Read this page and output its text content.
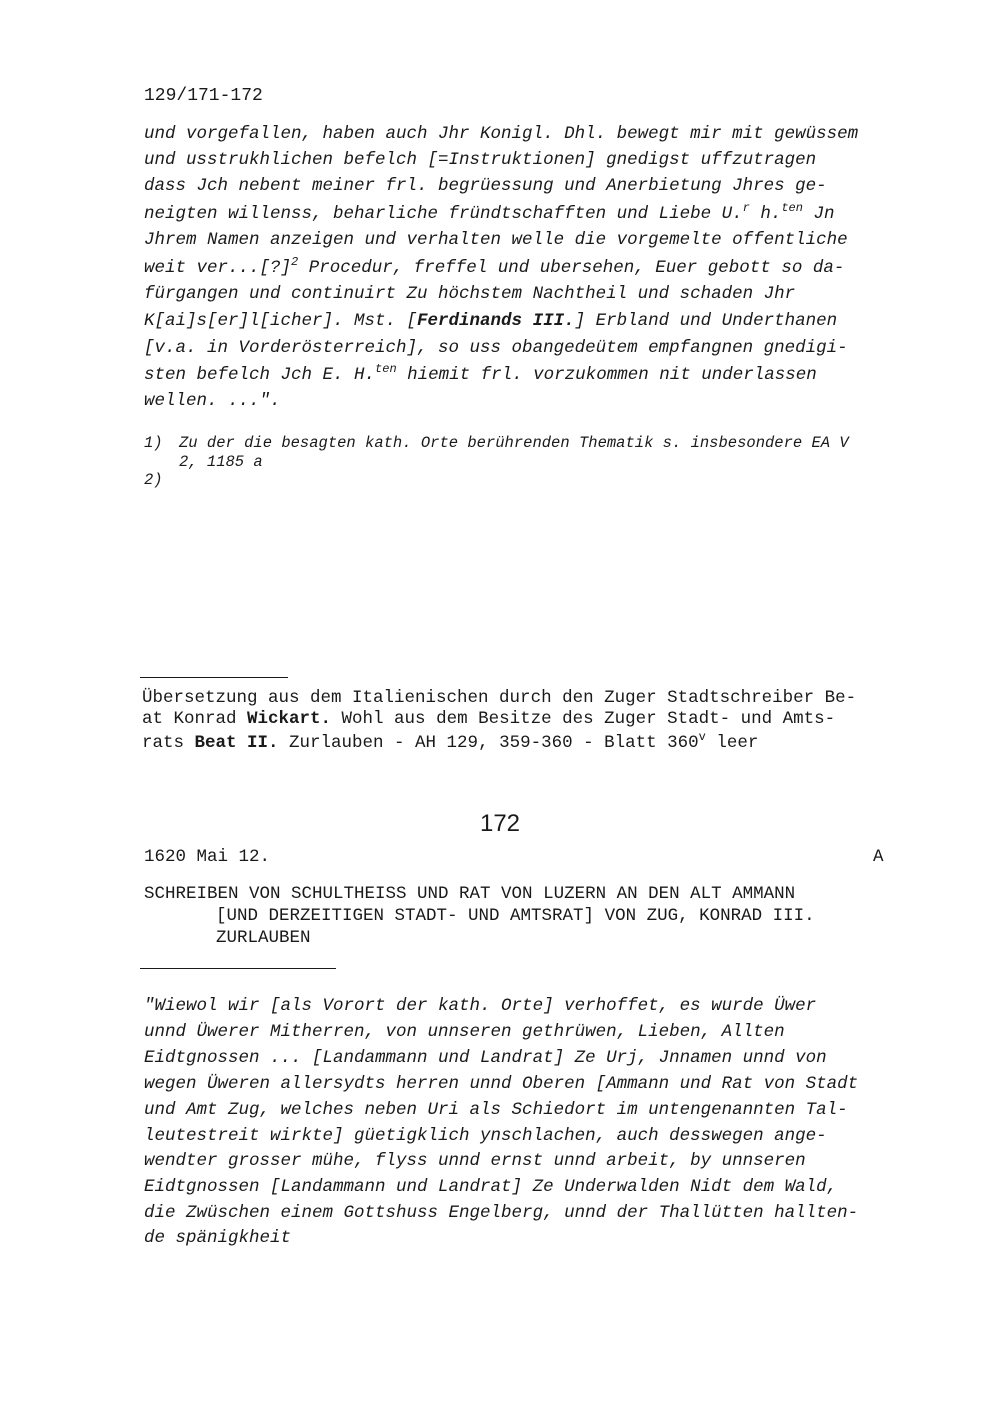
129/171-172
und vorgefallen, haben auch Jhr Konigl. Dhl. bewegt mir mit gewüssem
und usstrukhlichen befelch [=Instruktionen] gnedigst uffzutragen
dass Jch nebent meiner frl. begrüessung und Anerbietung Jhres ge-
neigten willenss, beharliche fründtschafften und Liebe U.$^r$ h.$^{ten}$ Jn
Jhrem Namen anzeigen und verhalten welle die vorgemelte offentliche
weit ver...[?]$^2$ Procedur, freffel und ubersehen, Euer gebott so da-
fürgangen und continuirt Zu höchstem Nachtheil und schaden Jhr
K[ai]s[er]l[icher]. Mst. [Ferdinands III.] Erbland und Underthanen
[v.a. in Vorderösterreich], so uss obangedeütem empfangnen gnedigi-
sten befelch Jch E. H.$^{ten}$ hiemit frl. vorzukommen nit underlassen
wellen. ...".
1) Zu der die besagten kath. Orte berührenden Thematik s. insbesondere EA V
2, 1185 a
2)
Übersetzung aus dem Italienischen durch den Zuger Stadtschreiber Be-
at Konrad Wickart. Wohl aus dem Besitze des Zuger Stadt- und Amts-
rats Beat II. Zurlauben - AH 129, 359-360 - Blatt 360$^v$ leer
172
1620 Mai 12.	A
SCHREIBEN VON SCHULTHEISS UND RAT VON LUZERN AN DEN ALT AMMANN
[UND DERZEITIGEN STADT- UND AMTSRAT] VON ZUG, KONRAD III.
ZURLAUBEN
"Wiewol wir [als Vorort der kath. Orte] verhoffet, es wurde Üwer
unnd Üwerer Mitherren, von unnseren gethrüwen, Lieben, Allten
Eidtgnossen ... [Landammann und Landrat] Ze Urj, Jnnamen unnd von
wegen Üweren allersydts herren unnd Oberen [Ammann und Rat von Stadt
und Amt Zug, welches neben Uri als Schiedort im untengenannten Tal-
leutestreit wirkte] güetigklich ynschlachen, auch desswegen ange-
wendter grosser mühe, flyss unnd ernst unnd arbeit, by unnseren
Eidtgnossen [Landammann und Landrat] Ze Underwalden Nidt dem Wald,
die Zwüschen einem Gottshuss Engelberg, unnd der Thallütten hallten-
de spänigkheit
